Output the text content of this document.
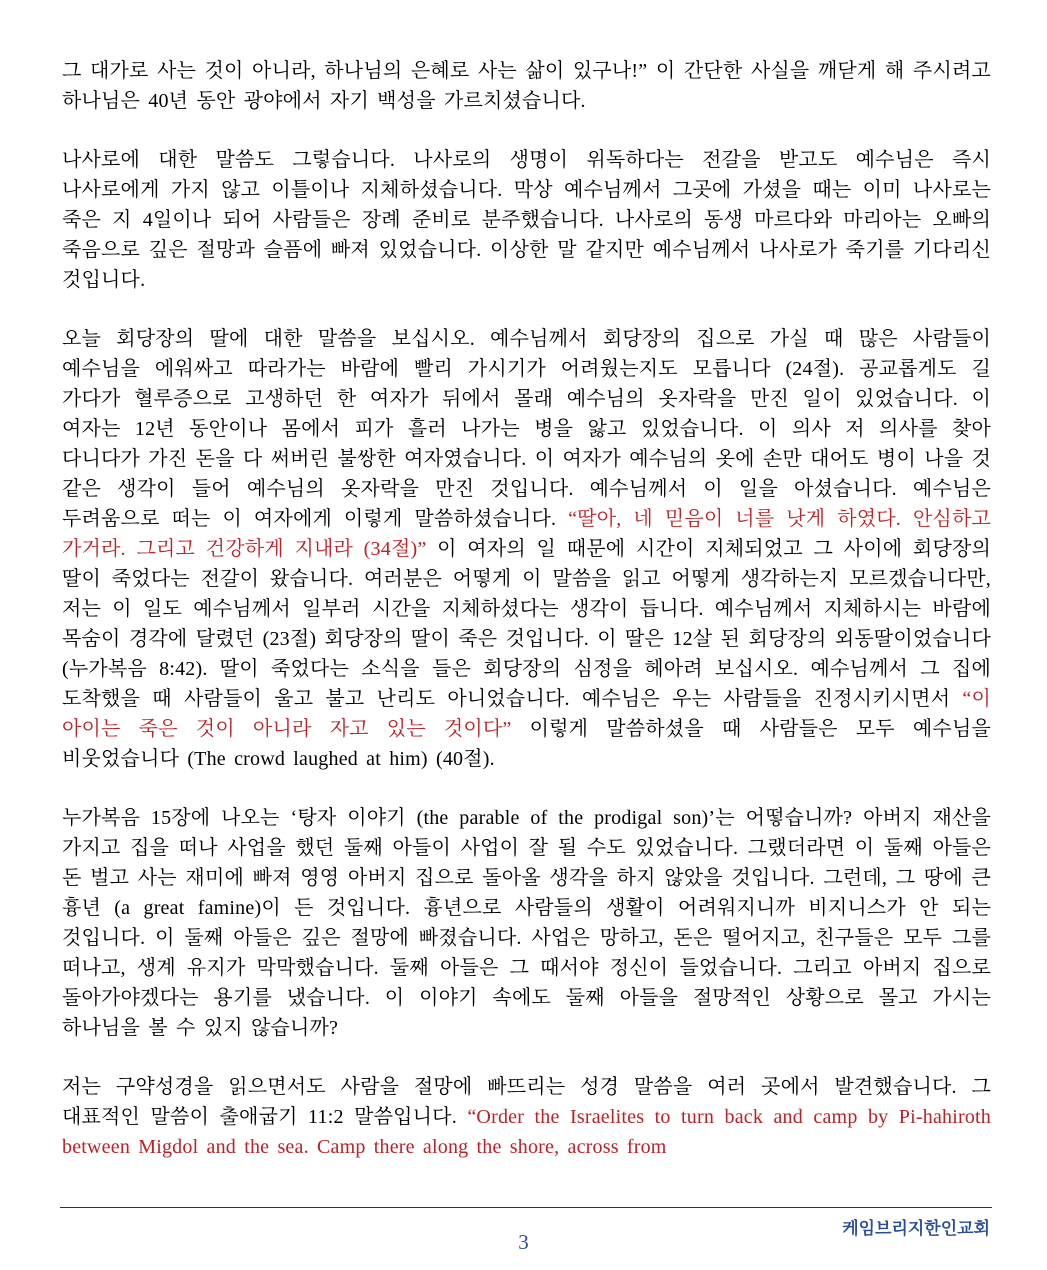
그 대가로 사는 것이 아니라, 하나님의 은혜로 사는 삶이 있구나!” 이 간단한 사실을 깨닫게 해 주시려고 하나님은 40년 동안 광야에서 자기 백성을 가르치셨습니다.

나사로에 대한 말씀도 그렇습니다. 나사로의 생명이 위독하다는 전갈을 받고도 예수님은 즉시 나사로에게 가지 않고 이틀이나 지체하셨습니다. 막상 예수님께서 그곳에 가셨을 때는 이미 나사로는 죽은 지 4일이나 되어 사람들은 장례 준비로 분주했습니다. 나사로의 동생 마르다와 마리아는 오빠의 죽음으로 깊은 절망과 슬픔에 빠져 있었습니다. 이상한 말 같지만 예수님께서 나사로가 죽기를 기다리신 것입니다.

오늘 회당장의 딸에 대한 말씀을 보십시오. 예수님께서 회당장의 집으로 가실 때 많은 사람들이 예수님을 에워싸고 따라가는 바람에 빨리 가시기가 어려웠는지도 모릅니다 (24절). 공교롭게도 길 가다가 혈루증으로 고생하던 한 여자가 뒤에서 몰래 예수님의 옷자락을 만진 일이 있었습니다. 이 여자는 12년 동안이나 몸에서 피가 흘러 나가는 병을 앓고 있었습니다. 이 의사 저 의사를 찾아 다니다가 가진 돈을 다 써버린 불쌍한 여자였습니다. 이 여자가 예수님의 옷에 손만 대어도 병이 나을 것 같은 생각이 들어 예수님의 옷자락을 만진 것입니다. 예수님께서 이 일을 아셨습니다. 예수님은 두려움으로 떠는 이 여자에게 이렇게 말씀하셨습니다. “딸아, 네 믿음이 너를 낫게 하였다. 안심하고 가거라. 그리고 건강하게 지내라 (34절)” 이 여자의 일 때문에 시간이 지체되었고 그 사이에 회당장의 딸이 죽었다는 전갈이 왔습니다. 여러분은 어떻게 이 말씀을 읽고 어떻게 생각하는지 모르겠습니다만, 저는 이 일도 예수님께서 일부러 시간을 지체하셨다는 생각이 듭니다. 예수님께서 지체하시는 바람에 목숨이 경각에 달렸던 (23절) 회당장의 딸이 죽은 것입니다. 이 딸은 12살 된 회당장의 외동딸이었습니다 (누가복음 8:42). 딸이 죽었다는 소식을 들은 회당장의 심정을 헤아려 보십시오. 예수님께서 그 집에 도착했을 때 사람들이 울고 불고 난리도 아니었습니다. 예수님은 우는 사람들을 진정시키시면서 “이 아이는 죽은 것이 아니라 자고 있는 것이다” 이렇게 말씀하셨을 때 사람들은 모두 예수님을 비웃었습니다 (The crowd laughed at him) (40절).

누가복음 15장에 나오는 ‘탕자 이야기 (the parable of the prodigal son)’는 어떻습니까? 아버지 재산을 가지고 집을 떠나 사업을 했던 둘째 아들이 사업이 잘 될 수도 있었습니다. 그랬더라면 이 둘째 아들은 돈 벌고 사는 재미에 빠져 영영 아버지 집으로 돌아올 생각을 하지 않았을 것입니다. 그런데, 그 땅에 큰 흉년 (a great famine)이 든 것입니다. 흉년으로 사람들의 생활이 어려워지니까 비지니스가 안 되는 것입니다. 이 둘째 아들은 깊은 절망에 빠졌습니다. 사업은 망하고, 돈은 떨어지고, 친구들은 모두 그를 떠나고, 생계 유지가 막막했습니다. 둘째 아들은 그 때서야 정신이 들었습니다. 그리고 아버지 집으로 돌아가야겠다는 용기를 냈습니다. 이 이야기 속에도 둘째 아들을 절망적인 상황으로 몰고 가시는 하나님을 볼 수 있지 않습니까?

저는 구약성경을 읽으면서도 사람을 절망에 빠뜨리는 성경 말씀을 여러 곳에서 발견했습니다. 그 대표적인 말씀이 출애굽기 11:2 말씀입니다. “Order the Israelites to turn back and camp by Pi-hahiroth between Migdol and the sea. Camp there along the shore, across from

케임브리지한인교회
3
